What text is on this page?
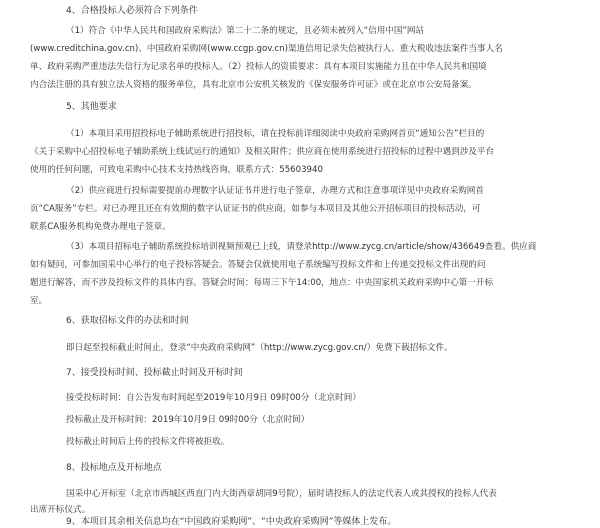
4、合格投标人必须符合下列条件
（1）符合《中华人民共和国政府采购法》第二十二条的规定，且必须未被列入“信用中国”网站
(www.creditchina.gov.cn)、中国政府采购网(www.ccgp.gov.cn)渠道信用记录失信被执行人、重大税收违法案件当事人名
单、政府采购严重违法失信行为记录名单的投标人。（2）投标人的资质要求：具有本项目实施能力且在中华人民共和国境
内合法注册的具有独立法人资格的服务单位，具有北京市公安机关核发的《保安服务许可证》或在北京市公安局备案。
5、其他要求
（1）本项目采用招投标电子辅助系统进行招投标，请在投标前详细阅读中央政府采购网首页“通知公告”栏目的
《关于采购中心招投标电子辅助系统上线试运行的通知》及相关附件；供应商在使用系统进行招投标的过程中遇到涉及平台
使用的任何问题，可致电采购中心技术支持热线咨询，联系方式：55603940
（2）供应商进行投标需要提前办理数字认证证书并进行电子签章，办理方式和注意事项详见中央政府采购网首
页“CA服务”专栏。对已办理且还在有效期的数字认证证书的供应商，如参与本项目及其他公开招标项目的投标活动，可
联系CA服务机构免费办理电子签章。
（3）本项目招标电子辅助系统投标培训视频预观已上线，请登录http://www.zycg.cn/article/show/436649查看。供应商
如有疑问，可参加国采中心举行的电子投标答疑会。答疑会仅就使用电子系统编写投标文件和上传递交投标文件出现的问
题进行解答，而不涉及投标文件的具体内容。答疑会时间：每周三下午14:00，地点：中央国家机关政府采购中心第一开标
室。
6、获取招标文件的办法和时间
即日起至投标截止时间止，登录“中央政府采购网”（http://www.zycg.gov.cn/）免费下载招标文件。
7、接受投标时间、投标截止时间及开标时间
接受投标时间：自公告发布时间起至2019年10月9日 09时00分（北京时间）
投标截止及开标时间：2019年10月9日 09时00分（北京时间）
投标截止时间后上传的投标文件将被拒收。
8、投标地点及开标地点
国采中心开标室（北京市西城区西直门内大街西章胡同9号院），届时请投标人的法定代表人或其授权的投标人代表
出席开标仪式。
9、本项目其余相关信息均在“中国政府采购网”、“中央政府采购网”等媒体上发布。
